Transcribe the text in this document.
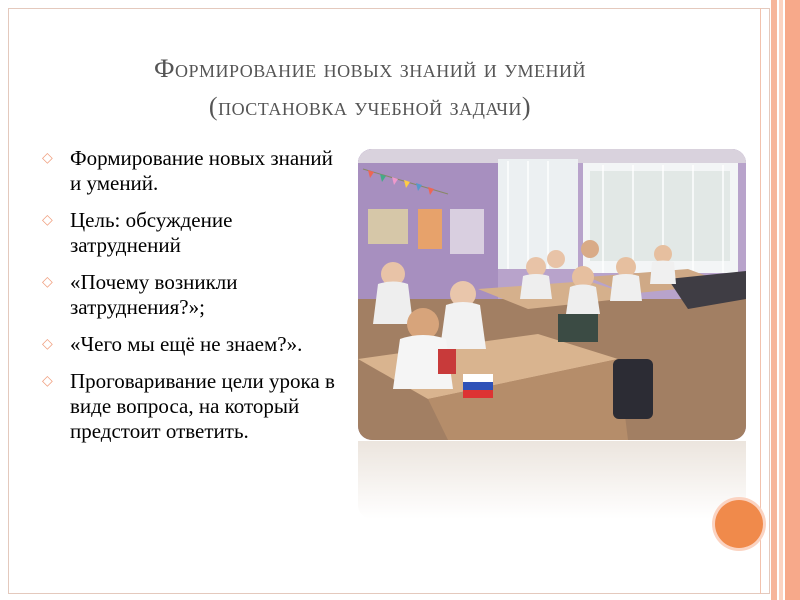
Формирование новых знаний и умений
(постановка учебной задачи)
◇ Формирование новых знаний и умений.
◇ Цель: обсуждение затруднений
◇ «Почему возникли затруднения?»;
◇ «Чего мы ещё не знаем?».
◇ Проговаривание цели урока в виде вопроса, на который предстоит ответить.
